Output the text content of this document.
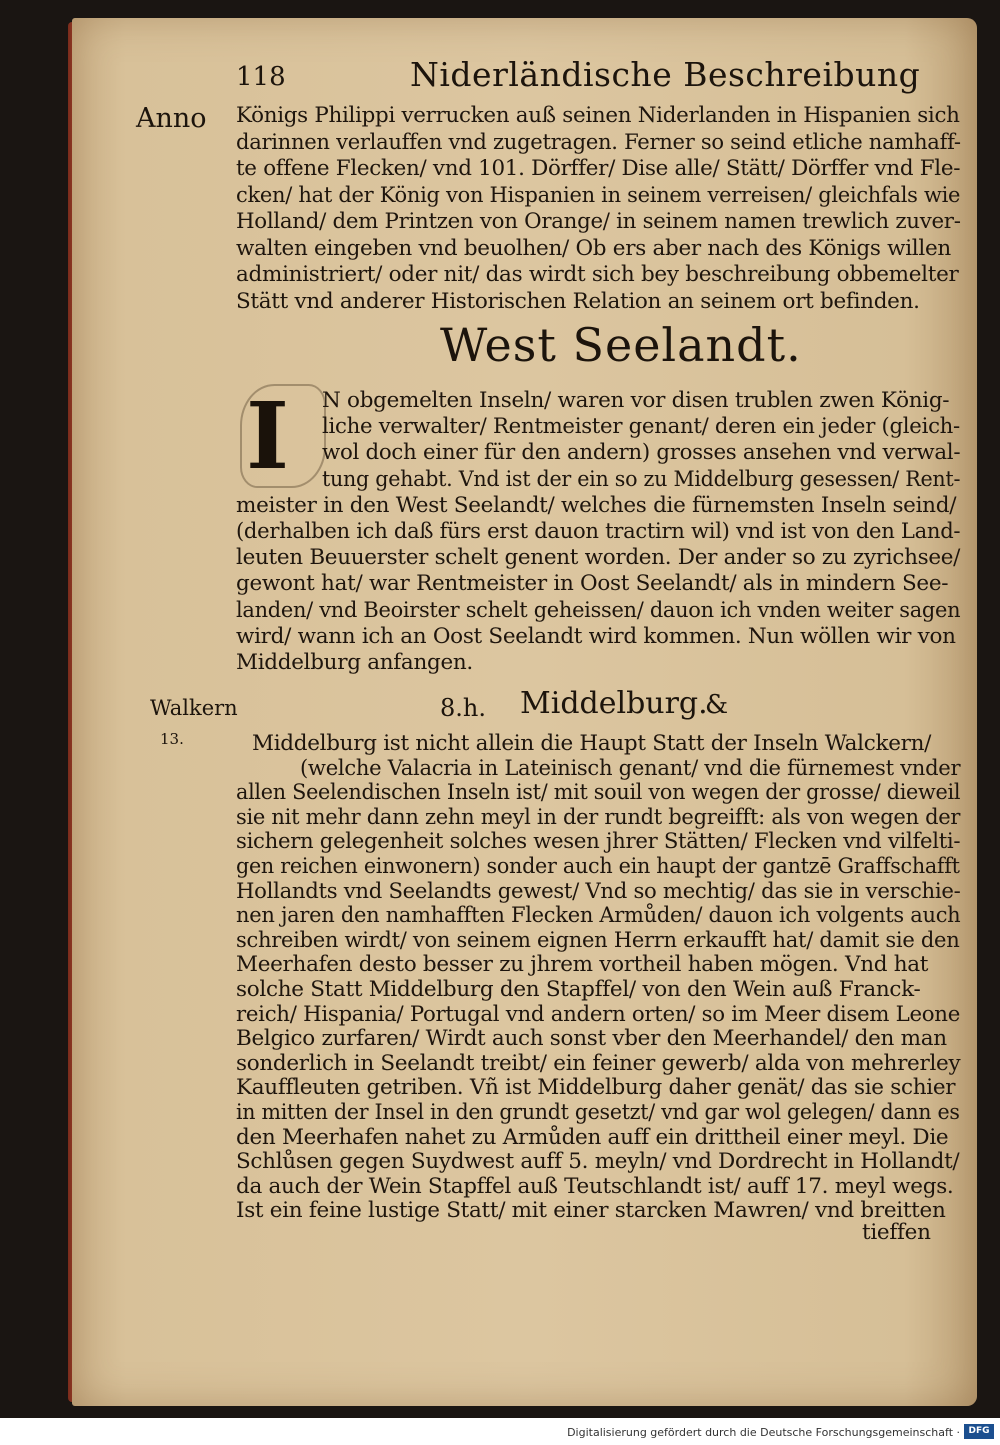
118	Niderländische Beschreibung
Anno Königs Philippi verrucken auß seinen Niderlanden in Hispanien sich
darinnen verlauffen vnd zugetragen. Ferner so seind etliche namhaff-
te offene Flecken/ vnd 101. Dörffer/ Dise alle/ Stätt/ Dörffer vnd Fle-
cken/ hat der König von Hispanien in seinem verreisen/ gleichfals wie
Holland/ dem Printzen von Orange/ in seinem namen trewlich zuver-
walten eingeben vnd beuolhen/ Ob ers aber nach des Königs willen
administriert/ oder nit/ das wirdt sich bey beschreibung obbemelter
Stätt vnd anderer Historischen Relation an seinem ort befinden.
West Seelandt.
I	N obgemelten Inseln/ waren vor disen trublen zwen König-
liche verwalter/ Rentmeister genant/ deren ein jeder (gleich-
wol doch einer für den andern) grosses ansehen vnd verwal-
tung gehabt. Vnd ist der ein so zu Middelburg gesessen/ Rent-
meister in den West Seelandt/ welches die fürnemsten Inseln seind/
(derhalben ich daß fürs erst dauon tractirn wil) vnd ist von den Land-
leuten Beuuerster schelt genent worden. Der ander so zu zyrichsee/
gewont hat/ war Rentmeister in Oost Seelandt/ als in mindern See-
landen/ vnd Beoirster schelt geheissen/ dauon ich vnden weiter sagen
wird/ wann ich an Oost Seelandt wird kommen. Nun wöllen wir von
Middelburg anfangen.
Walkern
13.
8.h. Middelburg.
&
Middelburg ist nicht allein die Haupt Statt der Inseln Walckern/
(welche Valacria in Lateinisch genant/ vnd die fürnemest vnder
allen Seelendischen Inseln ist/ mit souil von wegen der grosse/ dieweil
sie nit mehr dann zehn meyl in der rundt begreifft: als von wegen der
sichern gelegenheit solches wesen jhrer Stätten/ Flecken vnd vilfelti-
gen reichen einwonern) sonder auch ein haupt der gantzē Graffschafft
Hollandts vnd Seelandts gewest/ Vnd so mechtig/ das sie in verschie-
nen jaren den namhafften Flecken Armůden/ dauon ich volgents auch
schreiben wirdt/ von seinem eignen Herrn erkaufft hat/ damit sie den
Meerhafen desto besser zu jhrem vortheil haben mögen. Vnd hat
solche Statt Middelburg den Stapffel/ von den Wein auß Franck-
reich/ Hispania/ Portugal vnd andern orten/ so im Meer disem Leone
Belgico zurfaren/ Wirdt auch sonst vber den Meerhandel/ den man
sonderlich in Seelandt treibt/ ein feiner gewerb/ alda von mehrerley
Kauffleuten getriben. Vñ ist Middelburg daher genät/ das sie schier
in mitten der Insel in den grundt gesetzt/ vnd gar wol gelegen/ dann es
den Meerhafen nahet zu Armůden auff ein drittheil einer meyl. Die
Schlůsen gegen Suydwest auff 5. meyln/ vnd Dordrecht in Hollandt/
da auch der Wein Stapffel auß Teutschlandt ist/ auff 17. meyl wegs.
Ist ein feine lustige Statt/ mit einer starcken Mawren/ vnd breitten
tieffen
Digitalisierung gefördert durch die Deutsche Forschungsgemeinschaft · DFG
